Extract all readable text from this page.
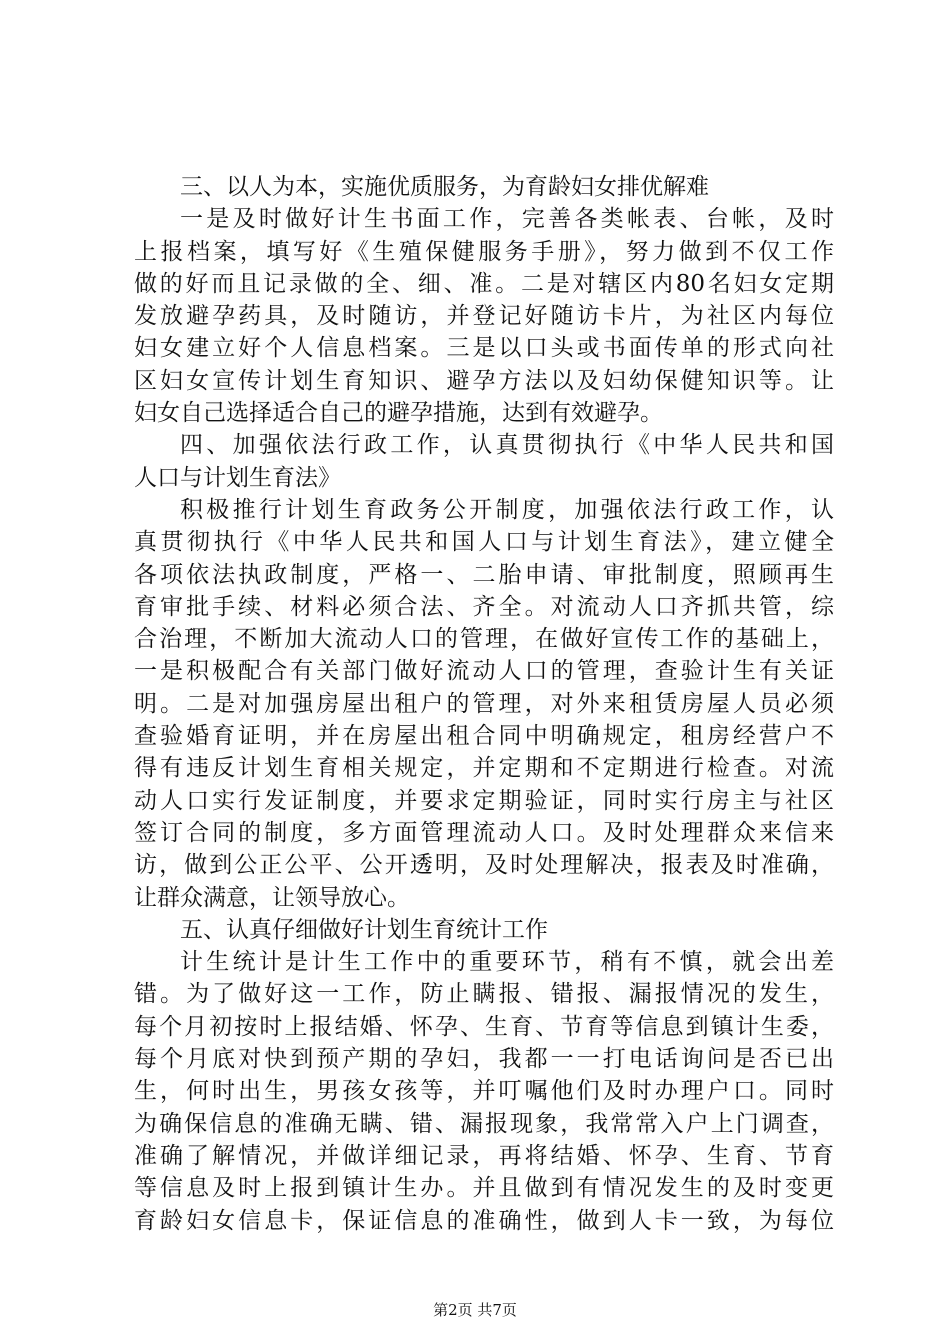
三、以人为本，实施优质服务，为育龄妇女排优解难
一是及时做好计生书面工作，完善各类帐表、台帐，及时
上报档案，填写好《生殖保健服务手册》，努力做到不仅工作
做的好而且记录做的全、细、准。二是对辖区内80名妇女定期
发放避孕药具，及时随访，并登记好随访卡片，为社区内每位
妇女建立好个人信息档案。三是以口头或书面传单的形式向社
区妇女宣传计划生育知识、避孕方法以及妇幼保健知识等。让
妇女自己选择适合自己的避孕措施，达到有效避孕。
四、加强依法行政工作，认真贯彻执行《中华人民共和国
人口与计划生育法》
积极推行计划生育政务公开制度，加强依法行政工作，认
真贯彻执行《中华人民共和国人口与计划生育法》，建立健全
各项依法执政制度，严格一、二胎申请、审批制度，照顾再生
育审批手续、材料必须合法、齐全。对流动人口齐抓共管，综
合治理，不断加大流动人口的管理，在做好宣传工作的基础上，
一是积极配合有关部门做好流动人口的管理，查验计生有关证
明。二是对加强房屋出租户的管理，对外来租赁房屋人员必须
查验婚育证明，并在房屋出租合同中明确规定，租房经营户不
得有违反计划生育相关规定，并定期和不定期进行检查。对流
动人口实行发证制度，并要求定期验证，同时实行房主与社区
签订合同的制度，多方面管理流动人口。及时处理群众来信来
访，做到公正公平、公开透明，及时处理解决，报表及时准确，
让群众满意，让领导放心。
五、认真仔细做好计划生育统计工作
计生统计是计生工作中的重要环节，稍有不慎，就会出差
错。为了做好这一工作，防止瞒报、错报、漏报情况的发生，
每个月初按时上报结婚、怀孕、生育、节育等信息到镇计生委，
每个月底对快到预产期的孕妇，我都一一打电话询问是否已出
生，何时出生，男孩女孩等，并叮嘱他们及时办理户口。同时
为确保信息的准确无瞒、错、漏报现象，我常常入户上门调查，
准确了解情况，并做详细记录，再将结婚、怀孕、生育、节育
等信息及时上报到镇计生办。并且做到有情况发生的及时变更
育龄妇女信息卡，保证信息的准确性，做到人卡一致，为每位
第2页 共7页
